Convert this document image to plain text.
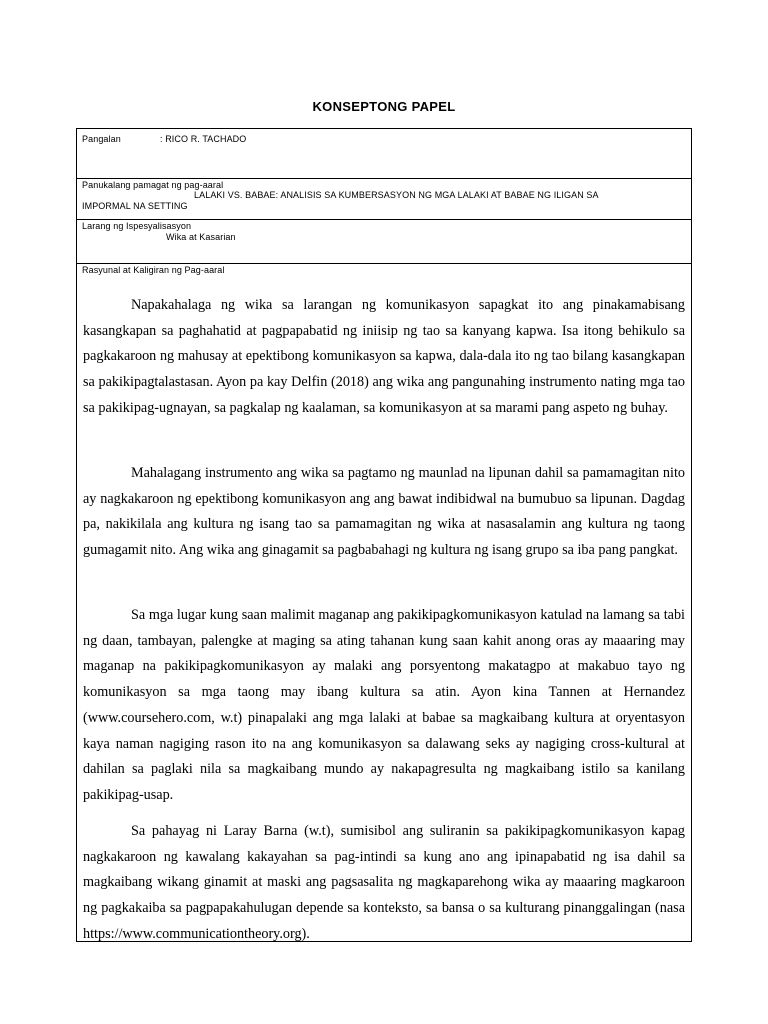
KONSEPTONG PAPEL
Pangalan	: RICO R. TACHADO
Panukalang pamagat ng pag-aaral
LALAKI VS. BABAE: ANALISIS SA KUMBERSASYON NG MGA LALAKI AT BABAE NG ILIGAN SA
IMPORMAL NA SETTING
Larang ng Ispesyalisasyon
Wika at Kasarian
Rasyunal at Kaligiran ng Pag-aaral

Napakahalaga ng wika sa larangan ng komunikasyon sapagkat ito ang pinakamabisang kasangkapan sa paghahatid at pagpapabatid ng iniisip ng tao sa kanyang kapwa. Isa itong behikulo sa pagkakaroon ng mahusay at epektibong komunikasyon sa kapwa, dala-dala ito ng tao bilang kasangkapan sa pakikipagtalastasan. Ayon pa kay Delfin (2018) ang wika ang pangunahing instrumento nating mga tao sa pakikipag-ugnayan, sa pagkalap ng kaalaman, sa komunikasyon at sa marami pang aspeto ng buhay.

Mahalagang instrumento ang wika sa pagtamo ng maunlad na lipunan dahil sa pamamagitan nito ay nagkakaroon ng epektibong komunikasyon ang ang bawat indibidwal na bumubuo sa lipunan. Dagdag pa, nakikilala ang kultura ng isang tao sa pamamagitan ng wika at nasasalamin ang kultura ng taong gumagamit nito. Ang wika ang ginagamit sa pagbabahagi ng kultura ng isang grupo sa iba pang pangkat.

Sa mga lugar kung saan malimit maganap ang pakikipagkomunikasyon katulad na lamang sa tabi ng daan, tambayan, palengke at maging sa ating tahanan kung saan kahit anong oras ay maaaring may maganap na pakikipagkomunikasyon ay malaki ang porsyentong makatagpo at makabuo tayo ng komunikasyon sa mga taong may ibang kultura sa atin. Ayon kina Tannen at Hernandez (www.coursehero.com, w.t) pinapalaki ang mga lalaki at babae sa magkaibang kultura at oryentasyon kaya naman nagiging rason ito na ang komunikasyon sa dalawang seks ay nagiging cross-kultural at dahilan sa paglaki nila sa magkaibang mundo ay nakapagresulta ng magkaibang istilo sa kanilang pakikipag-usap.

Sa pahayag ni Laray Barna (w.t), sumisibol ang suliranin sa pakikipagkomunikasyon kapag nagkakaroon ng kawalang kakayahan sa pag-intindi sa kung ano ang ipinapabatid ng isa dahil sa magkaibang wikang ginamit at maski ang pagsasalita ng magkaparehong wika ay maaaring magkaroon ng pagkakaiba sa pagpapakahulugan depende sa konteksto, sa bansa o sa kulturang pinanggalingan (nasa https://www.communicationtheory.org).
